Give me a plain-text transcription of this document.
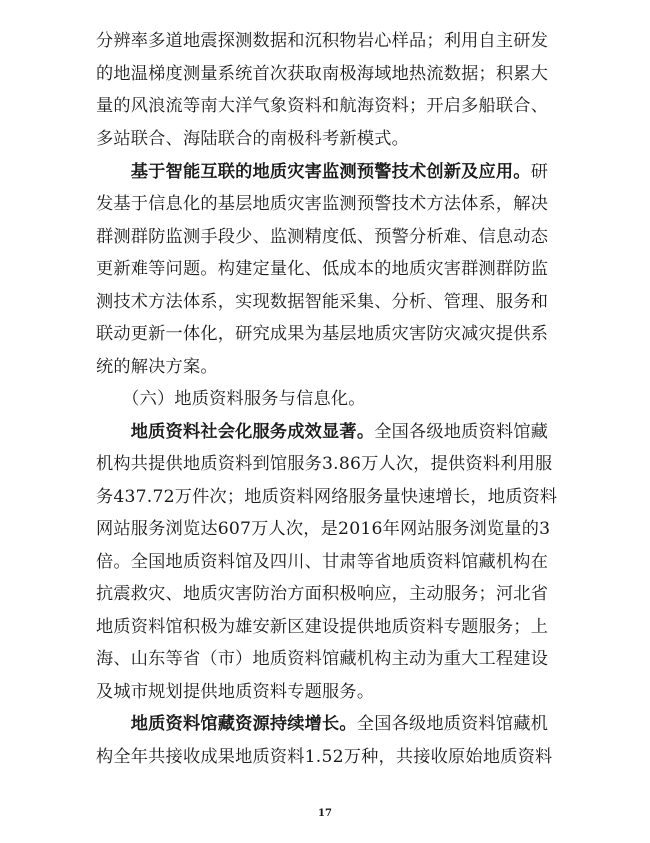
分辨率多道地震探测数据和沉积物岩心样品；利用自主研发
的地温梯度测量系统首次获取南极海域地热流数据；积累大
量的风浪流等南大洋气象资料和航海资料；开启多船联合、
多站联合、海陆联合的南极科考新模式。
　　基于智能互联的地质灾害监测预警技术创新及应用。研
发基于信息化的基层地质灾害监测预警技术方法体系，解决
群测群防监测手段少、监测精度低、预警分析难、信息动态
更新难等问题。构建定量化、低成本的地质灾害群测群防监
测技术方法体系，实现数据智能采集、分析、管理、服务和
联动更新一体化，研究成果为基层地质灾害防灾减灾提供系
统的解决方案。
　　（六）地质资料服务与信息化。
　　地质资料社会化服务成效显著。全国各级地质资料馆藏
机构共提供地质资料到馆服务3.86万人次，提供资料利用服
务437.72万件次；地质资料网络服务量快速增长，地质资料
网站服务浏览达607万人次，是2016年网站服务浏览量的3
倍。全国地质资料馆及四川、甘肃等省地质资料馆藏机构在
抗震救灾、地质灾害防治方面积极响应，主动服务；河北省
地质资料馆积极为雄安新区建设提供地质资料专题服务；上
海、山东等省（市）地质资料馆藏机构主动为重大工程建设
及城市规划提供地质资料专题服务。
　　地质资料馆藏资源持续增长。全国各级地质资料馆藏机
构全年共接收成果地质资料1.52万种，共接收原始地质资料
17
